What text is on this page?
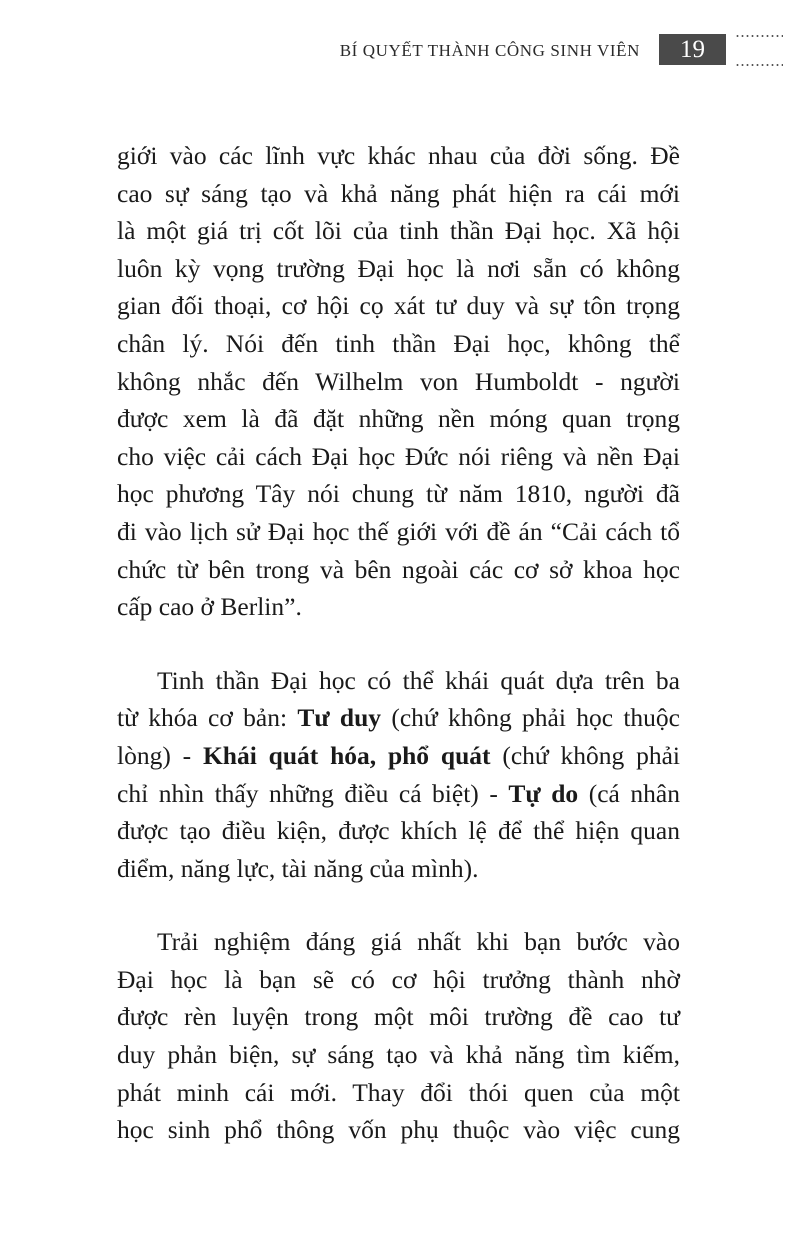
BÍ QUYẾT THÀNH CÔNG SINH VIÊN	19

giới vào các lĩnh vực khác nhau của đời sống. Đề
cao sự sáng tạo và khả năng phát hiện ra cái mới
là một giá trị cốt lõi của tinh thần Đại học. Xã hội
luôn kỳ vọng trường Đại học là nơi sẵn có không
gian đối thoại, cơ hội cọ xát tư duy và sự tôn trọng
chân lý. Nói đến tinh thần Đại học, không thể
không nhắc đến Wilhelm von Humboldt - người
được xem là đã đặt những nền móng quan trọng
cho việc cải cách Đại học Đức nói riêng và nền Đại
học phương Tây nói chung từ năm 1810, người đã
đi vào lịch sử Đại học thế giới với đề án “Cải cách tổ
chức từ bên trong và bên ngoài các cơ sở khoa học
cấp cao ở Berlin”.

Tinh thần Đại học có thể khái quát dựa trên ba
từ khóa cơ bản: Tư duy (chứ không phải học thuộc
lòng) - Khái quát hóa, phổ quát (chứ không phải
chỉ nhìn thấy những điều cá biệt) - Tự do (cá nhân
được tạo điều kiện, được khích lệ để thể hiện quan
điểm, năng lực, tài năng của mình).

Trải nghiệm đáng giá nhất khi bạn bước vào
Đại học là bạn sẽ có cơ hội trưởng thành nhờ
được rèn luyện trong một môi trường đề cao tư
duy phản biện, sự sáng tạo và khả năng tìm kiếm,
phát minh cái mới. Thay đổi thói quen của một
học sinh phổ thông vốn phụ thuộc vào việc cung
